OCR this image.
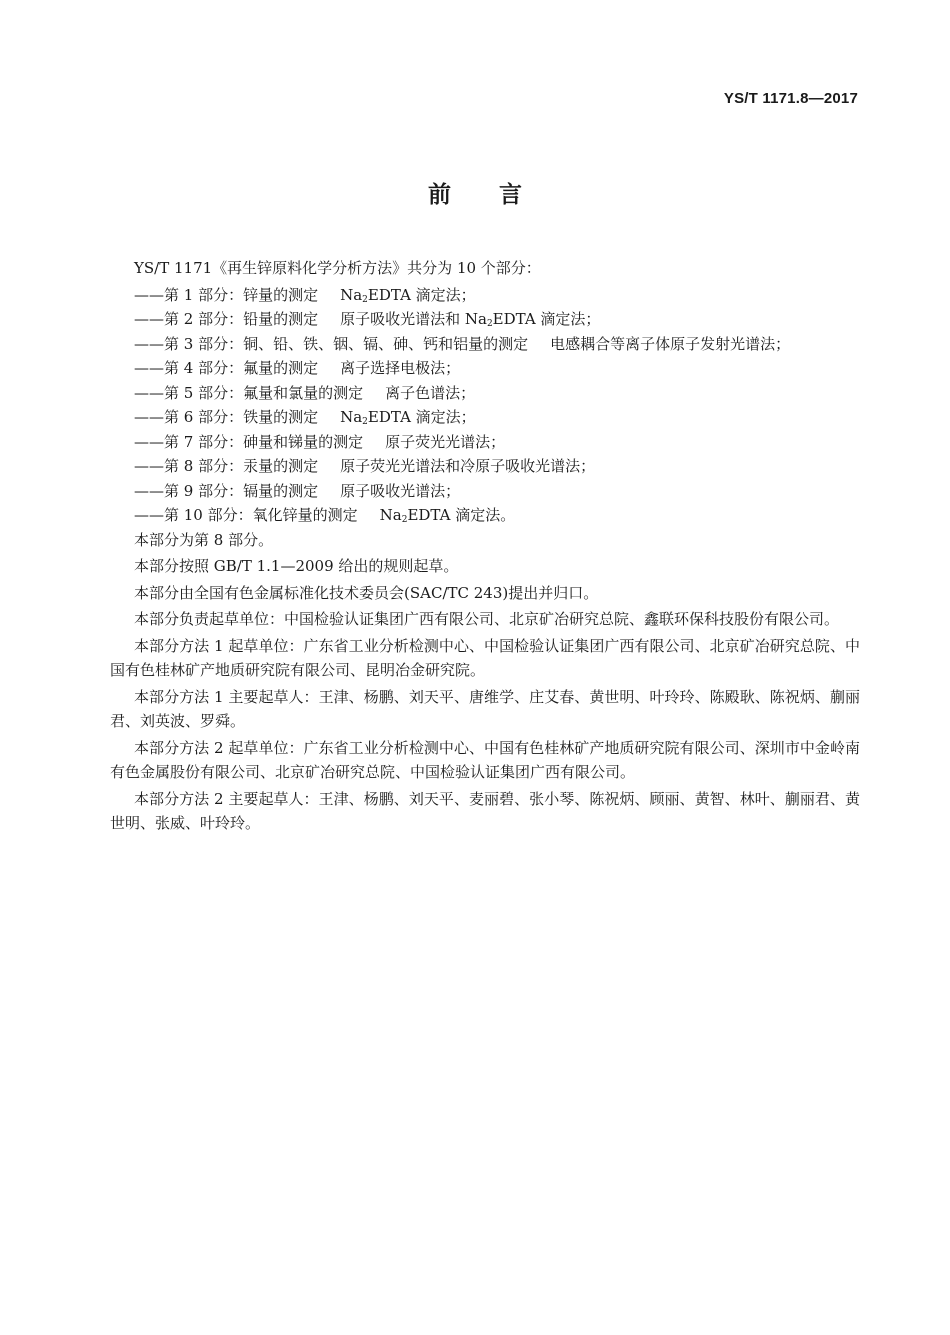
YS/T 1171.8—2017
前言
YS/T 1171《再生锌原料化学分析方法》共分为 10 个部分：
——第 1 部分：锌量的测定 $Na_2EDTA$ 滴定法；
——第 2 部分：铅量的测定 原子吸收光谱法和 $Na_2EDTA$ 滴定法；
——第 3 部分：铜、铅、铁、铟、镉、砷、钙和铝量的测定 电感耦合等离子体原子发射光谱法；
——第 4 部分：氟量的测定 离子选择电极法；
——第 5 部分：氟量和氯量的测定 离子色谱法；
——第 6 部分：铁量的测定 $Na_2EDTA$ 滴定法；
——第 7 部分：砷量和锑量的测定 原子荧光光谱法；
——第 8 部分：汞量的测定 原子荧光光谱法和冷原子吸收光谱法；
——第 9 部分：镉量的测定 原子吸收光谱法；
——第 10 部分：氧化锌量的测定 $Na_2EDTA$ 滴定法。
本部分为第 8 部分。
本部分按照 GB/T 1.1—2009 给出的规则起草。
本部分由全国有色金属标准化技术委员会(SAC/TC 243)提出并归口。
本部分负责起草单位：中国检验认证集团广西有限公司、北京矿冶研究总院、鑫联环保科技股份有限公司。
本部分方法 1 起草单位：广东省工业分析检测中心、中国检验认证集团广西有限公司、北京矿冶研究总院、中国有色桂林矿产地质研究院有限公司、昆明冶金研究院。
本部分方法 1 主要起草人：王津、杨鹏、刘天平、唐维学、庄艾春、黄世明、叶玲玲、陈殿耿、陈祝炳、蒯丽君、刘英波、罗舜。
本部分方法 2 起草单位：广东省工业分析检测中心、中国有色桂林矿产地质研究院有限公司、深圳市中金岭南有色金属股份有限公司、北京矿冶研究总院、中国检验认证集团广西有限公司。
本部分方法 2 主要起草人：王津、杨鹏、刘天平、麦丽碧、张小琴、陈祝炳、顾丽、黄智、林叶、蒯丽君、黄世明、张威、叶玲玲。
